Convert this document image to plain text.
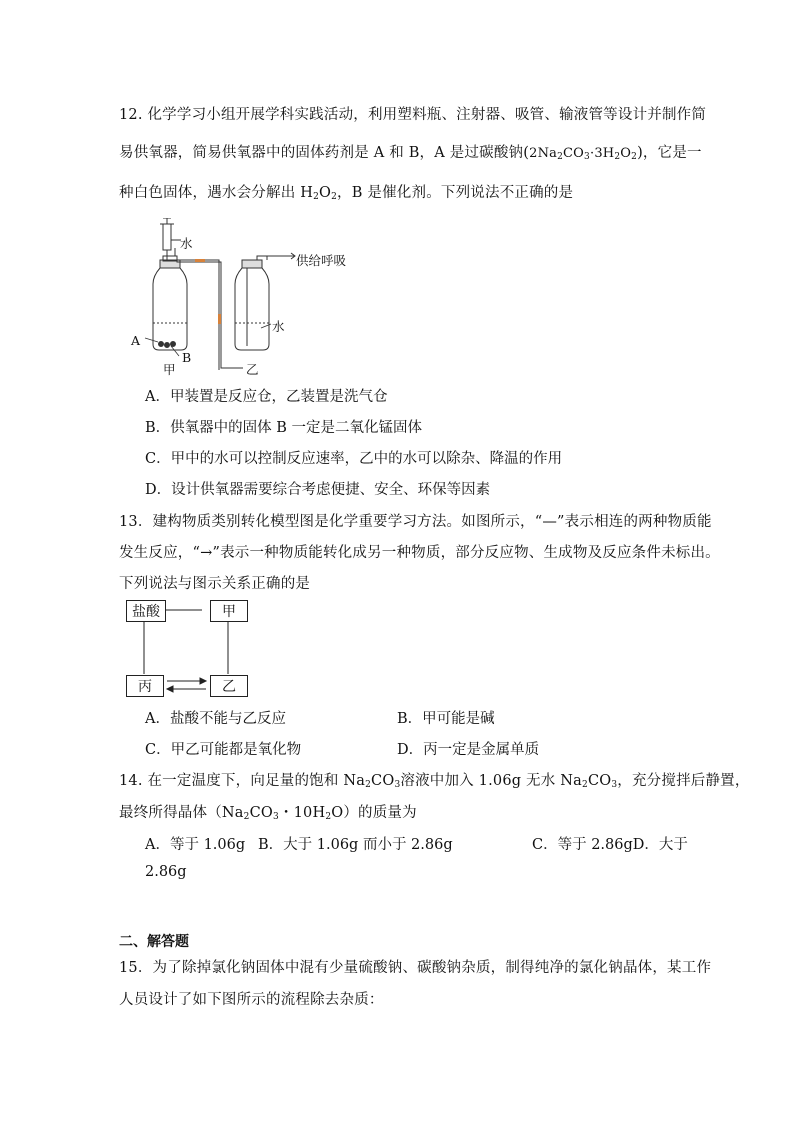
12. 化学学习小组开展学科实践活动，利用塑料瓶、注射器、吸管、输液管等设计并制作简
易供氧器，简易供氧器中的固体药剂是 A 和 B，A 是过碳酸钠$(2Na_2CO_3\cdot 3H_2O_2)$，它是一
种白色固体，遇水会分解出 $H_2O_2$，B 是催化剂。下列说法不正确的是
水
供给呼吸
水
A
B
甲	乙
A．甲装置是反应仓，乙装置是洗气仓
B．供氧器中的固体 B 一定是二氧化锰固体
C．甲中的水可以控制反应速率，乙中的水可以除杂、降温的作用
D．设计供氧器需要综合考虑便捷、安全、环保等因素
13．建构物质类别转化模型图是化学重要学习方法。如图所示，“—”表示相连的两种物质能
发生反应，“→”表示一种物质能转化成另一种物质，部分反应物、生成物及反应条件未标出。
下列说法与图示关系正确的是
盐酸	甲
丙	乙
A．盐酸不能与乙反应	B．甲可能是碱
C．甲乙可能都是氧化物	D．丙一定是金属单质
14. 在一定温度下，向足量的饱和 $Na_2CO_3$溶液中加入 1.06g 无水 $Na_2CO_3$，充分搅拌后静置，
最终所得晶体（$Na_2CO_3$・$10H_2O$）的质量为
A．等于 1.06g B．大于 1.06g 而小于 2.86g	C．等于 2.86gD．大于
2.86g
二、解答题
15．为了除掉氯化钠固体中混有少量硫酸钠、碳酸钠杂质，制得纯净的氯化钠晶体，某工作
人员设计了如下图所示的流程除去杂质：
